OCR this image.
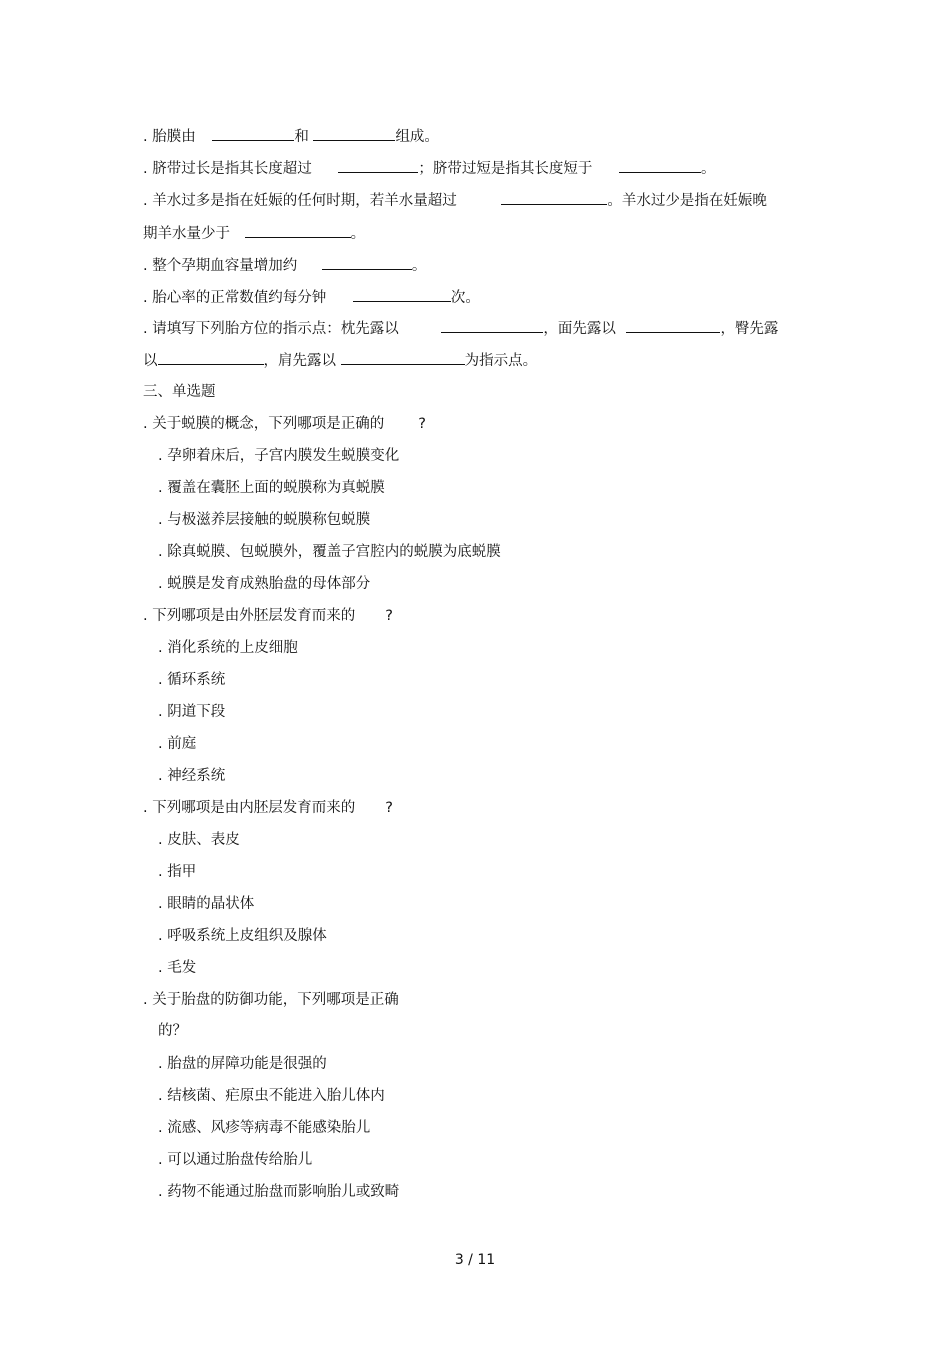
. 胎膜由	和	组成。
. 脐带过长是指其长度超过	；脐带过短是指其长度短于	。
. 羊水过多是指在妊娠的任何时期，若羊水量超过	。羊水过少是指在妊娠晚
期羊水量少于	。
. 整个孕期血容量增加约	。
. 胎心率的正常数值约每分钟	次。
. 请填写下列胎方位的指示点：枕先露以	，面先露以	，臀先露
以	，肩先露以	为指示点。
三、单选题
. 关于蜕膜的概念，下列哪项是正确的 ?
. 孕卵着床后，子宫内膜发生蜕膜变化
. 覆盖在囊胚上面的蜕膜称为真蜕膜
. 与极滋养层接触的蜕膜称包蜕膜
. 除真蜕膜、包蜕膜外，覆盖子宫腔内的蜕膜为底蜕膜
. 蜕膜是发育成熟胎盘的母体部分
. 下列哪项是由外胚层发育而来的 ?
. 消化系统的上皮细胞
. 循环系统
. 阴道下段
. 前庭
. 神经系统
. 下列哪项是由内胚层发育而来的 ?
. 皮肤、表皮
. 指甲
. 眼睛的晶状体
. 呼吸系统上皮组织及腺体
. 毛发
. 关于胎盘的防御功能，下列哪项是正确
的？
. 胎盘的屏障功能是很强的
. 结核菌、疟原虫不能进入胎儿体内
. 流感、风疹等病毒不能感染胎儿
. 可以通过胎盘传给胎儿
. 药物不能通过胎盘而影响胎儿或致畸
3 / 11
